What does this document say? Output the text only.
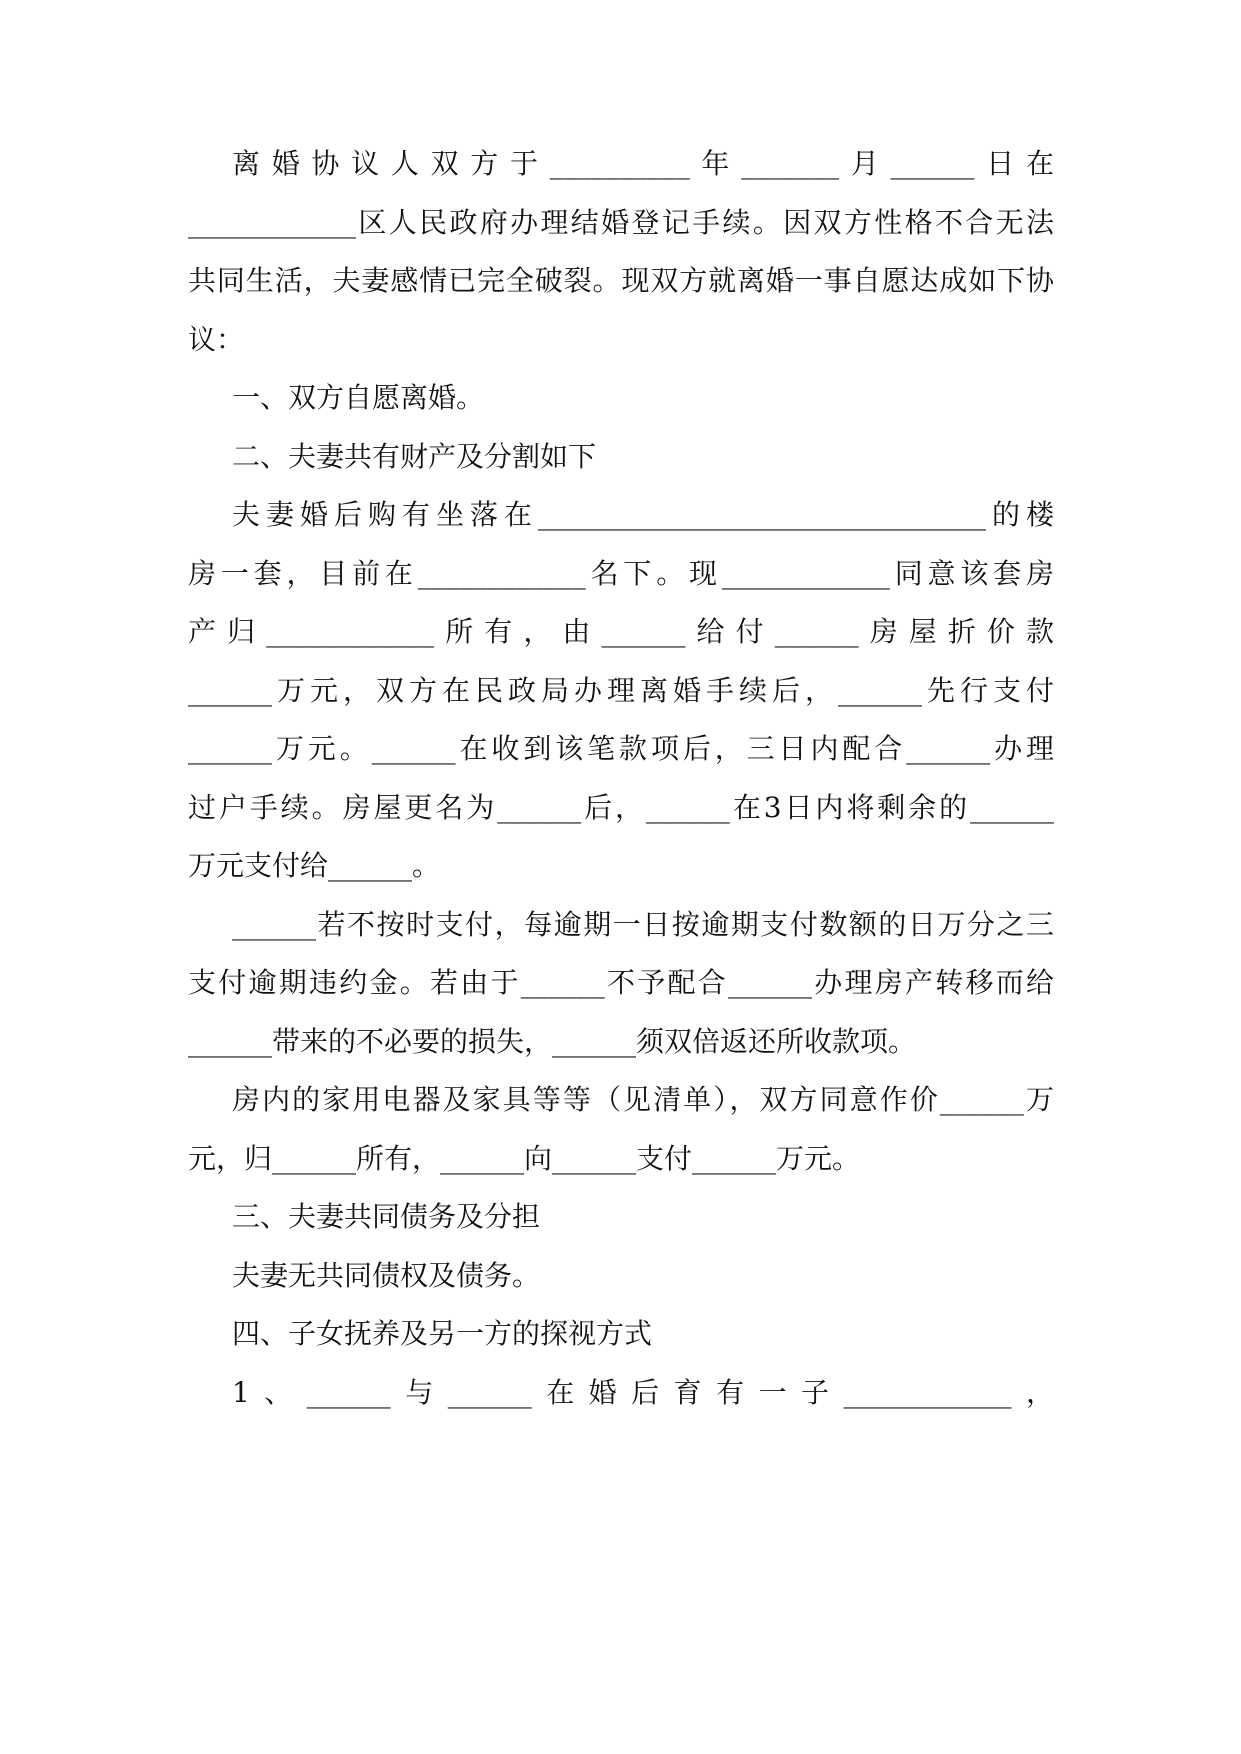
离婚协议人双方于__________年_______月______日在
____________区人民政府办理结婚登记手续。因双方性格不合无法
共同生活，夫妻感情已完全破裂。现双方就离婚一事自愿达成如下协
议：
一、双方自愿离婚。
二、夫妻共有财产及分割如下
夫妻婚后购有坐落在________________________________的楼
房一套，目前在____________名下。现____________同意该套房
产归____________所有，由______给付______房屋折价款
______万元，双方在民政局办理离婚手续后，______先行支付
______万元。______在收到该笔款项后，三日内配合______办理
过户手续。房屋更名为______后，______在3日内将剩余的______
万元支付给______。
______若不按时支付，每逾期一日按逾期支付数额的日万分之三
支付逾期违约金。若由于______不予配合______办理房产转移而给
______带来的不必要的损失，______须双倍返还所收款项。
房内的家用电器及家具等等（见清单），双方同意作价______万
元，归______所有，______向______支付______万元。
三、夫妻共同债务及分担
夫妻无共同债权及债务。
四、子女抚养及另一方的探视方式
1、______与______在婚后育有一子____________，
